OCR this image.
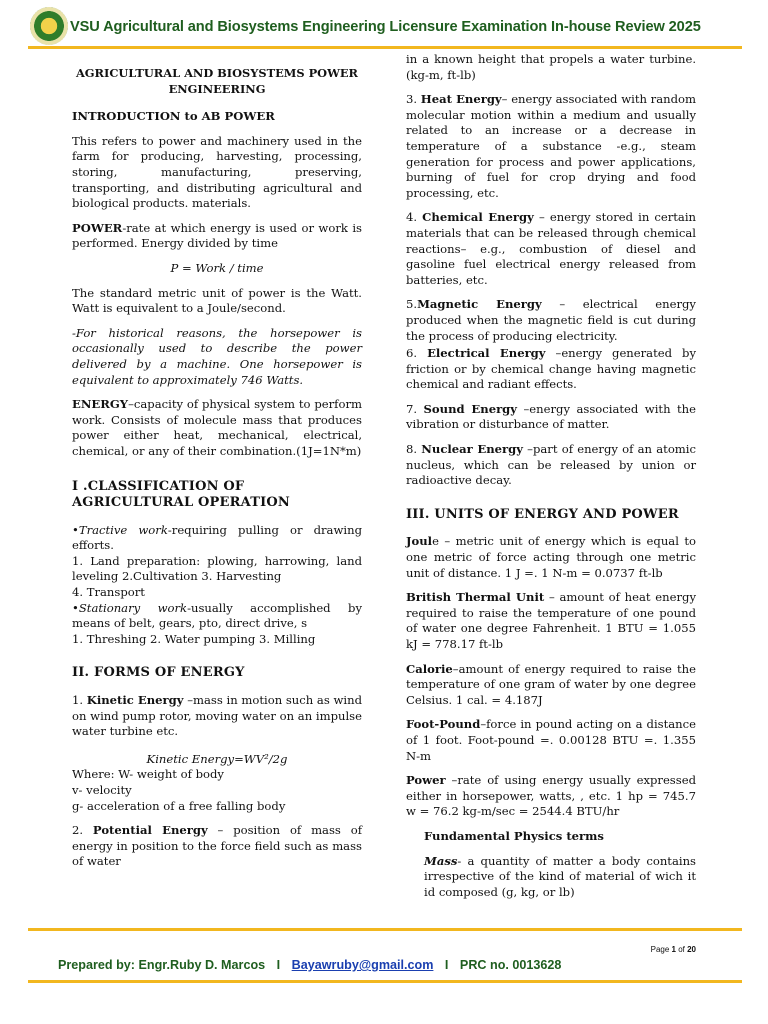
VSU Agricultural and Biosystems Engineering Licensure Examination In-house Review 2025
AGRICULTURAL AND BIOSYSTEMS POWER ENGINEERING

INTRODUCTION to AB POWER

This refers to power and machinery used in the farm for producing, harvesting, processing, storing, manufacturing, preserving, transporting, and distributing agricultural and biological products. materials.

POWER-rate at which energy is used or work is performed. Energy divided by time

P = Work / time

The standard metric unit of power is the Watt. Watt is equivalent to a Joule/second.

-For historical reasons, the horsepower is occasionally used to describe the power delivered by a machine. One horsepower is equivalent to approximately 746 Watts.

ENERGY–capacity of physical system to perform work. Consists of molecule mass that produces power either heat, mechanical, electrical, chemical, or any of their combination.(1J=1N*m)

I .CLASSIFICATION OF AGRICULTURAL OPERATION
•Tractive work-requiring pulling or drawing efforts.
1. Land preparation: plowing, harrowing, land leveling 2.Cultivation 3. Harvesting
4. Transport
•Stationary work-usually accomplished by means of belt, gears, pto, direct drive, s
1. Threshing 2. Water pumping 3. Milling
II. FORMS OF ENERGY

1. Kinetic Energy –mass in motion such as wind on wind pump rotor, moving water on an impulse water turbine etc.

Kinetic Energy=WV²/2g
Where: W- weight of body
v- velocity
g- acceleration of a free falling body

2. Potential Energy – position of mass of energy in position to the force field such as mass of water

in a known height that propels a water turbine. (kg-m, ft-lb)

3. Heat Energy– energy associated with random molecular motion within a medium and usually related to an increase or a decrease in temperature of a substance -e.g., steam generation for process and power applications, burning of fuel for crop drying and food processing, etc.

4. Chemical Energy – energy stored in certain materials that can be released through chemical reactions– e.g., combustion of diesel and gasoline fuel electrical energy released from batteries, etc.

5.Magnetic Energy – electrical energy produced when the magnetic field is cut during the process of producing electricity.

6. Electrical Energy –energy generated by friction or by chemical change having magnetic chemical and radiant effects.

7. Sound Energy –energy associated with the vibration or disturbance of matter.

8. Nuclear Energy –part of energy of an atomic nucleus, which can be released by union or radioactive decay.

III. UNITS OF ENERGY AND POWER

Joule – metric unit of energy which is equal to one metric of force acting through one metric unit of distance. 1 J =. 1 N-m = 0.0737 ft-lb

British Thermal Unit – amount of heat energy required to raise the temperature of one pound of water one degree Fahrenheit. 1 BTU = 1.055 kJ = 778.17 ft-lb

Calorie–amount of energy required to raise the temperature of one gram of water by one degree Celsius. 1 cal. = 4.187J

Foot-Pound–force in pound acting on a distance of 1 foot. Foot-pound =. 0.00128 BTU =. 1.355 N-m

Power –rate of using energy usually expressed either in horsepower, watts, , etc. 1 hp = 745.7 w = 76.2 kg-m/sec = 2544.4 BTU/hr

Fundamental Physics terms

Mass- a quantity of matter a body contains irrespective of the kind of material of wich it id composed (g, kg, or lb)

Page 1 of 20
Prepared by: Engr.Ruby D. Marcos I Bayawruby@gmail.com I PRC no. 0013628
